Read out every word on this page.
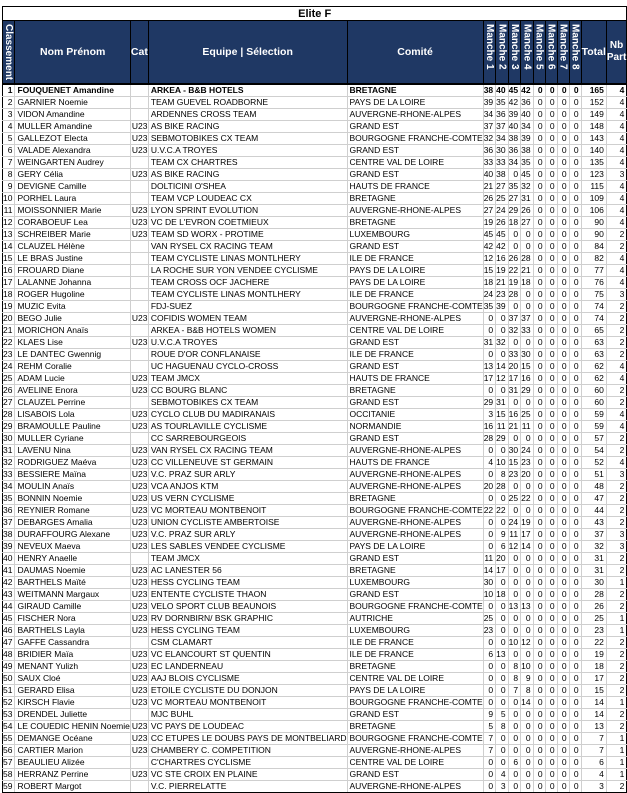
Elite F														
Classement	Nom Prénom	Cat	Equipe | Sélection	Comité	Manche 1	Manche 2	Manche 3	Manche 4	Manche 5	Manche 6	Manche 7	Manche 8	Total	Nb Part
1	FOUQUENET Amandine		ARKEA - B&B HOTELS	BRETAGNE	38	40	45	42	0	0	0	0	165	4
2	GARNIER Noemie		TEAM GUEVEL ROADBORNE	PAYS DE LA LOIRE	39	35	42	36	0	0	0	0	152	4
3	VIDON Amandine		ARDENNES CROSS TEAM	AUVERGNE-RHONE-ALPES	34	36	39	40	0	0	0	0	149	4
4	MULLER Amandine	U23	AS BIKE RACING	GRAND EST	37	37	40	34	0	0	0	0	148	4
5	GALLEZOT Electa	U23	SEBMOTOBIKES CX TEAM	BOURGOGNE FRANCHE-COMTE	32	34	38	39	0	0	0	0	143	4
6	VALADE Alexandra	U23	U.V.C.A TROYES	GRAND EST	36	30	36	38	0	0	0	0	140	4
7	WEINGARTEN Audrey		TEAM CX CHARTRES	CENTRE VAL DE LOIRE	33	33	34	35	0	0	0	0	135	4
8	GERY Célia	U23	AS BIKE RACING	GRAND EST	40	38	0	45	0	0	0	0	123	3
9	DEVIGNE Camille		DOLTICINI O'SHEA	HAUTS DE FRANCE	21	27	35	32	0	0	0	0	115	4
10	PORHEL Laura		TEAM VCP LOUDEAC CX	BRETAGNE	26	25	27	31	0	0	0	0	109	4
11	MOISSONNIER Marie	U23	LYON SPRINT EVOLUTION	AUVERGNE-RHONE-ALPES	27	24	29	26	0	0	0	0	106	4
12	CORABOEUF Lea	U23	VC DE L'EVRON COETMIEUX	BRETAGNE	19	26	18	27	0	0	0	0	90	4
13	SCHREIBER Marie	U23	TEAM SD WORX - PROTIME	LUXEMBOURG	45	45	0	0	0	0	0	0	90	2
14	CLAUZEL Hélène		VAN RYSEL CX RACING TEAM	GRAND EST	42	42	0	0	0	0	0	0	84	2
15	LE BRAS Justine		TEAM CYCLISTE LINAS MONTLHERY	ILE DE FRANCE	12	16	26	28	0	0	0	0	82	4
16	FROUARD Diane		LA ROCHE SUR YON VENDEE CYCLISME	PAYS DE LA LOIRE	15	19	22	21	0	0	0	0	77	4
17	LALANNE Johanna		TEAM CROSS OCF JACHERE	PAYS DE LA LOIRE	18	21	19	18	0	0	0	0	76	4
18	ROGER Hugoline		TEAM CYCLISTE LINAS MONTLHERY	ILE DE FRANCE	24	23	28	0	0	0	0	0	75	3
19	MUZIC Evita		FDJ-SUEZ	BOURGOGNE FRANCHE-COMTE	35	39	0	0	0	0	0	0	74	2
20	BEGO Julie	U23	COFIDIS WOMEN TEAM	AUVERGNE-RHONE-ALPES	0	0	37	37	0	0	0	0	74	2
21	MORICHON Anaïs		ARKEA - B&B HOTELS WOMEN	CENTRE VAL DE LOIRE	0	0	32	33	0	0	0	0	65	2
22	KLAES Lise	U23	U.V.C.A TROYES	GRAND EST	31	32	0	0	0	0	0	0	63	2
23	LE DANTEC Gwennig		ROUE D'OR CONFLANAISE	ILE DE FRANCE	0	0	33	30	0	0	0	0	63	2
24	REHM Coralie		UC HAGUENAU CYCLO-CROSS	GRAND EST	13	14	20	15	0	0	0	0	62	4
25	ADAM Lucie	U23	TEAM JMCX	HAUTS DE FRANCE	17	12	17	16	0	0	0	0	62	4
26	AVELINE Enora	U23	CC BOURG BLANC	BRETAGNE	0	0	31	29	0	0	0	0	60	2
27	CLAUZEL Perrine		SEBMOTOBIKES CX TEAM	GRAND EST	29	31	0	0	0	0	0	0	60	2
28	LISABOIS Lola	U23	CYCLO CLUB DU MADIRANAIS	OCCITANIE	3	15	16	25	0	0	0	0	59	4
29	BRAMOULLE Pauline	U23	AS TOURLAVILLE CYCLISME	NORMANDIE	16	11	21	11	0	0	0	0	59	4
30	MULLER Cyriane		CC SARREBOURGEOIS	GRAND EST	28	29	0	0	0	0	0	0	57	2
31	LAVENU Nina	U23	VAN RYSEL CX RACING TEAM	AUVERGNE-RHONE-ALPES	0	0	30	24	0	0	0	0	54	2
32	RODRIGUEZ Maéva	U23	CC VILLENEUVE ST GERMAIN	HAUTS DE FRANCE	4	10	15	23	0	0	0	0	52	4
33	BESSIERE Maïna	U23	V.C. PRAZ SUR ARLY	AUVERGNE-RHONE-ALPES	0	8	23	20	0	0	0	0	51	3
34	MOULIN Anaïs	U23	VCA ANJOS KTM	AUVERGNE-RHONE-ALPES	20	28	0	0	0	0	0	0	48	2
35	BONNIN Noemie	U23	US VERN CYCLISME	BRETAGNE	0	0	25	22	0	0	0	0	47	2
36	REYNIER Romane	U23	VC MORTEAU MONTBENOIT	BOURGOGNE FRANCHE-COMTE	22	22	0	0	0	0	0	0	44	2
37	DEBARGES Amalia	U23	UNION CYCLISTE AMBERTOISE	AUVERGNE-RHONE-ALPES	0	0	24	19	0	0	0	0	43	2
38	DURAFFOURG Alexane	U23	V.C. PRAZ SUR ARLY	AUVERGNE-RHONE-ALPES	0	9	11	17	0	0	0	0	37	3
39	NEVEUX Maeva	U23	LES SABLES VENDEE CYCLISME	PAYS DE LA LOIRE	0	6	12	14	0	0	0	0	32	3
40	HENRY Anaelle		TEAM JMCX	GRAND EST	11	20	0	0	0	0	0	0	31	2
41	DAUMAS Noemie	U23	AC LANESTER 56	BRETAGNE	14	17	0	0	0	0	0	0	31	2
42	BARTHELS Maïté	U23	HESS CYCLING TEAM	LUXEMBOURG	30	0	0	0	0	0	0	0	30	1
43	WEITMANN Margaux	U23	ENTENTE CYCLISTE THAON	GRAND EST	10	18	0	0	0	0	0	0	28	2
44	GIRAUD Camille	U23	VELO SPORT CLUB BEAUNOIS	BOURGOGNE FRANCHE-COMTE	0	0	13	13	0	0	0	0	26	2
45	FISCHER Nora	U23	RV DORNBIRN/ BSK GRAPHIC	AUTRICHE	25	0	0	0	0	0	0	0	25	1
46	BARTHELS Layla	U23	HESS CYCLING TEAM	LUXEMBOURG	23	0	0	0	0	0	0	0	23	1
47	GAFFE Cassandra		CSM CLAMART	ILE DE FRANCE	0	0	10	12	0	0	0	0	22	2
48	BRIDIER Maïa	U23	VC ELANCOURT ST QUENTIN	ILE DE FRANCE	6	13	0	0	0	0	0	0	19	2
49	MENANT Yulizh	U23	EC LANDERNEAU	BRETAGNE	0	0	8	10	0	0	0	0	18	2
50	SAUX Cloé	U23	AAJ BLOIS CYCLISME	CENTRE VAL DE LOIRE	0	0	8	9	0	0	0	0	17	2
51	GERARD Elisa	U23	ETOILE CYCLISTE DU DONJON	PAYS DE LA LOIRE	0	0	7	8	0	0	0	0	15	2
52	KIRSCH Flavie	U23	VC MORTEAU MONTBENOIT	BOURGOGNE FRANCHE-COMTE	0	0	0	14	0	0	0	0	14	1
53	DRENDEL Juliette		MJC BUHL	GRAND EST	9	5	0	0	0	0	0	0	14	2
54	LE COUEDIC HENIN Noemie	U23	VC PAYS DE LOUDEAC	BRETAGNE	5	8	0	0	0	0	0	0	13	2
55	DEMANGE Océane	U23	CC ETUPES LE DOUBS PAYS DE MONTBELIARD	BOURGOGNE FRANCHE-COMTE	7	0	0	0	0	0	0	0	7	1
56	CARTIER Marion	U23	CHAMBERY C. COMPETITION	AUVERGNE-RHONE-ALPES	7	0	0	0	0	0	0	0	7	1
57	BEAULIEU Alizée		C'CHARTRES CYCLISME	CENTRE VAL DE LOIRE	0	0	6	0	0	0	0	0	6	1
58	HERRANZ Perrine	U23	VC STE CROIX EN PLAINE	GRAND EST	0	4	0	0	0	0	0	0	4	1
59	ROBERT Margot		V.C. PIERRELATTE	AUVERGNE-RHONE-ALPES	0	3	0	0	0	0	0	0	3	2
